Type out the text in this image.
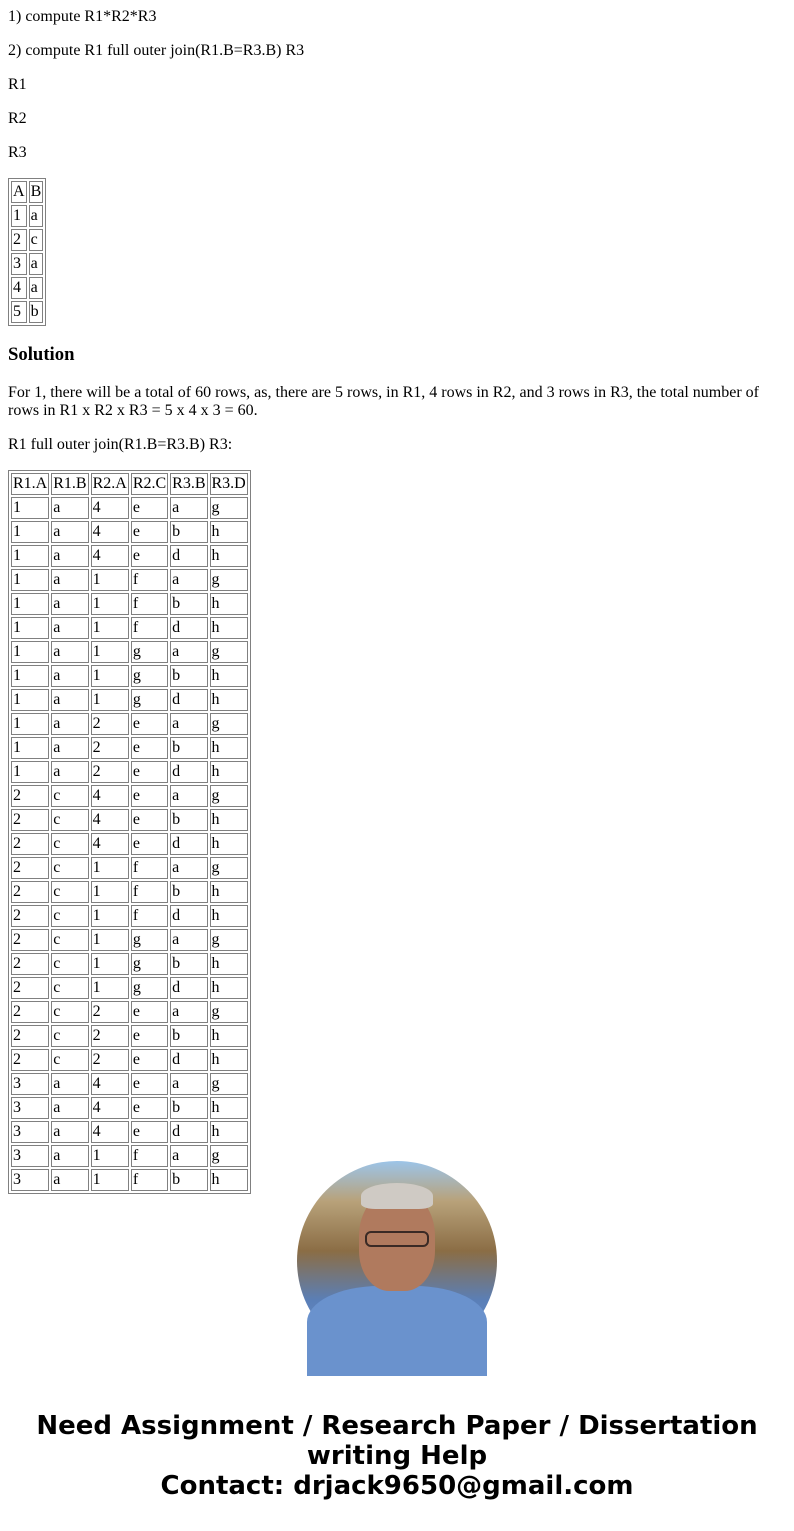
1) compute R1*R2*R3

2) compute R1 full outer join(R1.B=R3.B) R3

R1

R2

R3

A	B
1	a
2	c
3	a
4	a
5	b
Solution

For 1, there will be a total of 60 rows, as, there are 5 rows, in R1, 4 rows in R2, and 3 rows in R3, the total number of rows in R1 x R2 x R3 = 5 x 4 x 3 = 60.

R1 full outer join(R1.B=R3.B) R3:

R1.A	R1.B	R2.A	R2.C	R3.B	R3.D
1	a	4	e	a	g
1	a	4	e	b	h
1	a	4	e	d	h
1	a	1	f	a	g
1	a	1	f	b	h
1	a	1	f	d	h
1	a	1	g	a	g
1	a	1	g	b	h
1	a	1	g	d	h
1	a	2	e	a	g
1	a	2	e	b	h
1	a	2	e	d	h
2	c	4	e	a	g
2	c	4	e	b	h
2	c	4	e	d	h
2	c	1	f	a	g
2	c	1	f	b	h
2	c	1	f	d	h
2	c	1	g	a	g
2	c	1	g	b	h
2	c	1	g	d	h
2	c	2	e	a	g
2	c	2	e	b	h
2	c	2	e	d	h
3	a	4	e	a	g
3	a	4	e	b	h
3	a	4	e	d	h
3	a	1	f	a	g
3	a	1	f	b	h
Need Assignment / Research Paper / Dissertation
writing Help
Contact: drjack9650@gmail.com
